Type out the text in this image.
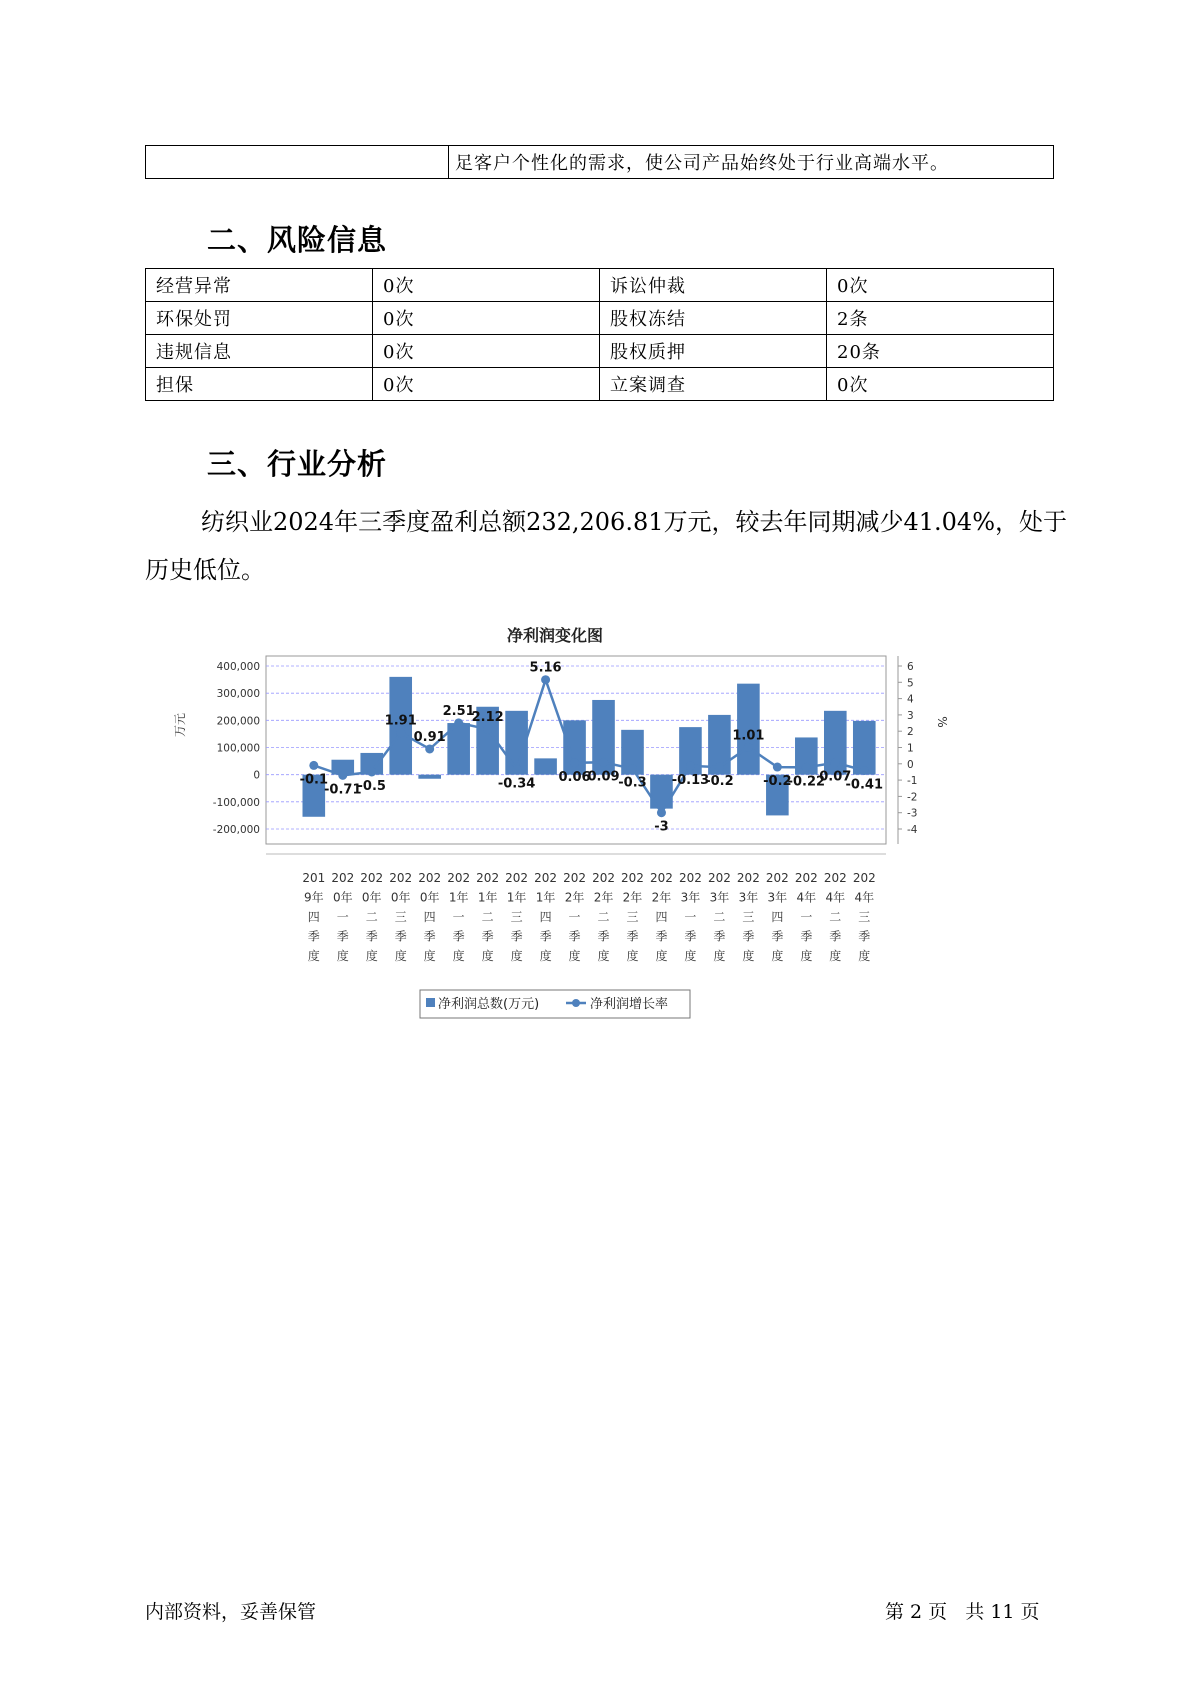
	足客户个性化的需求，使公司产品始终处于行业高端水平。
二、风险信息
经营异常	0次	诉讼仲裁	0次
环保处罚	0次	股权冻结	2条
违规信息	0次	股权质押	20条
担保	0次	立案调查	0次
三、行业分析

纺织业2024年三季度盈利总额232,206.81万元，较去年同期减少41.04%，处于历史低位。

净利润变化图
400,000
300,000
200,000
100,000
0
-100,000
-200,000
万元
6
5
4
3
2
1
0
-1
-2
-3
-4
%
-0.1
-0.71
-0.5
1.91
0.91
2.51
2.12
-0.34
5.16
0.06
0.09
-0.3
-3
-0.13
-0.2
1.01
-0.2
-0.22
0.07
-0.41
201
9年
四
季
度
202
0年
一
季
度
202
0年
二
季
度
202
0年
三
季
度
202
0年
四
季
度
202
1年
一
季
度
202
1年
二
季
度
202
1年
三
季
度
202
1年
四
季
度
202
2年
一
季
度
202
2年
二
季
度
202
2年
三
季
度
202
2年
四
季
度
202
3年
一
季
度
202
3年
二
季
度
202
3年
三
季
度
202
3年
四
季
度
202
4年
一
季
度
202
4年
二
季
度
202
4年
三
季
度
净利润总数(万元)	净利润增长率
内部资料，妥善保管	第 2 页   共 11 页
